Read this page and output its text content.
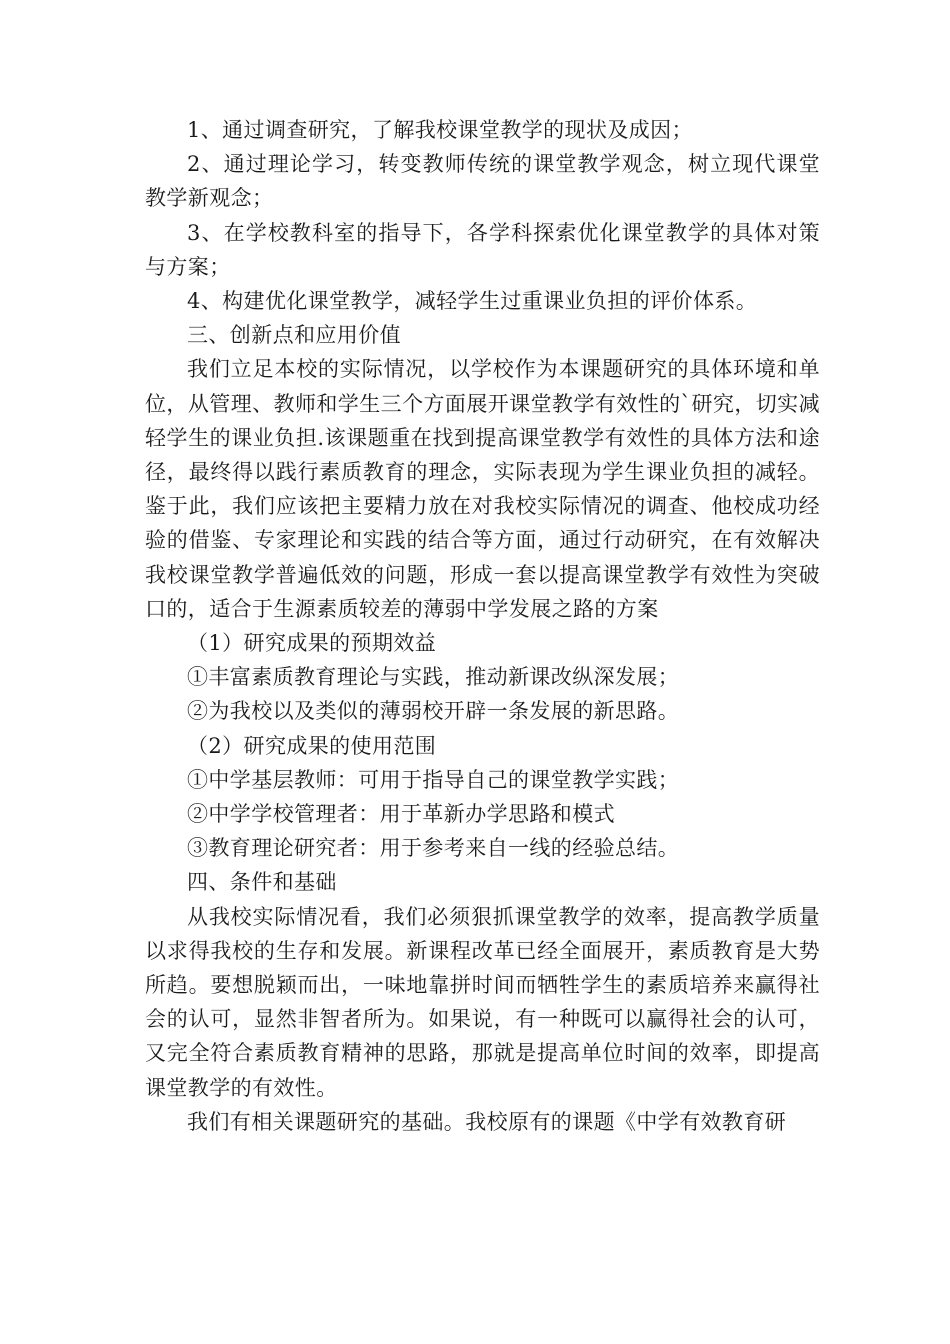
1、通过调查研究，了解我校课堂教学的现状及成因；

2、通过理论学习，转变教师传统的课堂教学观念，树立现代课堂教学新观念；

3、在学校教科室的指导下，各学科探索优化课堂教学的具体对策与方案；

4、构建优化课堂教学，减轻学生过重课业负担的评价体系。

三、创新点和应用价值

我们立足本校的实际情况，以学校作为本课题研究的具体环境和单位，从管理、教师和学生三个方面展开课堂教学有效性的`研究，切实减轻学生的课业负担.该课题重在找到提高课堂教学有效性的具体方法和途径，最终得以践行素质教育的理念，实际表现为学生课业负担的减轻。鉴于此，我们应该把主要精力放在对我校实际情况的调查、他校成功经验的借鉴、专家理论和实践的结合等方面，通过行动研究，在有效解决我校课堂教学普遍低效的问题，形成一套以提高课堂教学有效性为突破口的，适合于生源素质较差的薄弱中学发展之路的方案

（1）研究成果的预期效益

①丰富素质教育理论与实践，推动新课改纵深发展；

②为我校以及类似的薄弱校开辟一条发展的新思路。

（2）研究成果的使用范围

①中学基层教师：可用于指导自己的课堂教学实践；

②中学学校管理者：用于革新办学思路和模式

③教育理论研究者：用于参考来自一线的经验总结。

四、条件和基础

从我校实际情况看，我们必须狠抓课堂教学的效率，提高教学质量以求得我校的生存和发展。新课程改革已经全面展开，素质教育是大势所趋。要想脱颖而出，一味地靠拼时间而牺牲学生的素质培养来赢得社会的认可，显然非智者所为。如果说，有一种既可以赢得社会的认可，又完全符合素质教育精神的思路，那就是提高单位时间的效率，即提高课堂教学的有效性。

我们有相关课题研究的基础。我校原有的课题《中学有效教育研
